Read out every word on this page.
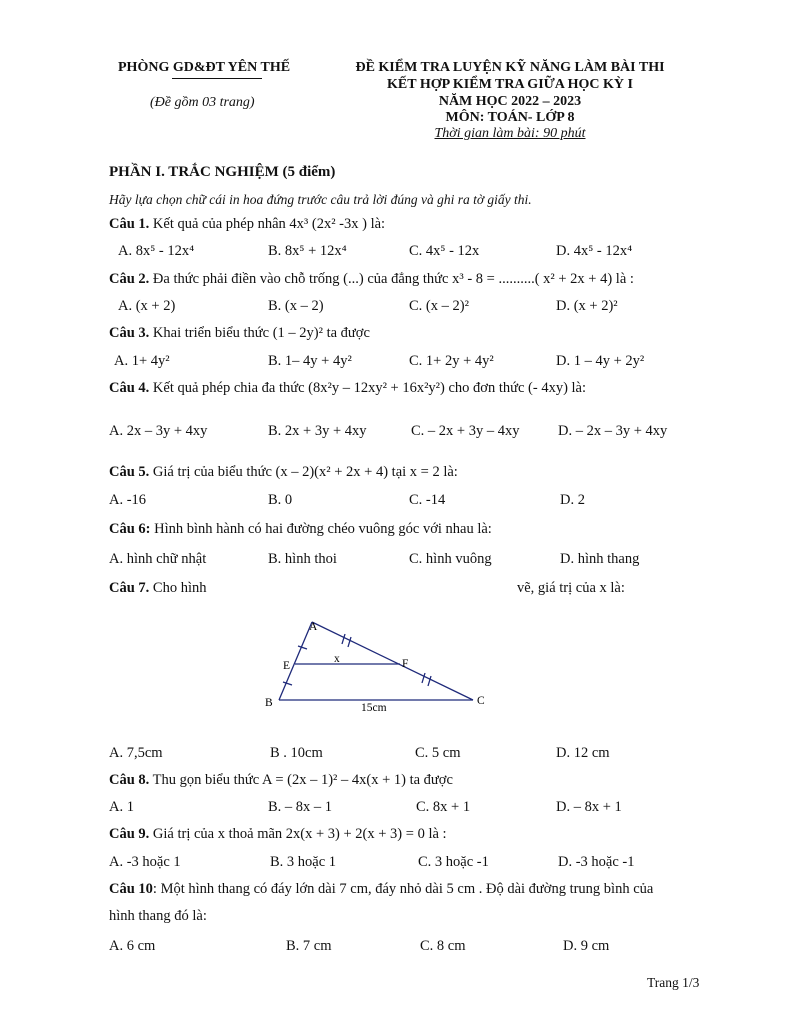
PHÒNG GD&ĐT YÊN THẾ
(Đề gồm 03 trang)
ĐỀ KIỂM TRA LUYỆN KỸ NĂNG LÀM BÀI THI
KẾT HỢP KIỂM TRA GIỮA HỌC KỲ I
NĂM HỌC 2022 – 2023
MÔN: TOÁN- LỚP 8
Thời gian làm bài: 90 phút
PHẦN I. TRẮC NGHIỆM (5 điểm)
Hãy lựa chọn chữ cái in hoa đứng trước câu trả lời đúng và ghi ra tờ giấy thi.
Câu 1. Kết quả của phép nhân 4x³ (2x² -3x ) là:
A. 8x⁵ - 12x⁴	B. 8x⁵ + 12x⁴	C. 4x⁵ - 12x	D. 4x⁵ - 12x⁴
Câu 2. Đa thức phải điền vào chỗ trống (...) của đẳng thức x³ - 8 = ..........( x² + 2x + 4) là :
A. (x + 2)	B. (x – 2)	C. (x – 2)²	D. (x + 2)²
Câu 3. Khai triển biểu thức (1 – 2y)² ta được
A. 1+ 4y²	B. 1– 4y + 4y²	C. 1+ 2y + 4y²	D. 1 – 4y + 2y²
Câu 4. Kết quả phép chia đa thức (8x²y – 12xy² + 16x²y²) cho đơn thức (- 4xy) là:
A. 2x – 3y + 4xy	B. 2x + 3y + 4xy	C. – 2x + 3y – 4xy	D. – 2x – 3y + 4xy
Câu 5. Giá trị của biểu thức (x – 2)(x² + 2x + 4) tại x = 2 là:
A. -16	B. 0	C. -14	D. 2
Câu 6: Hình bình hành có hai đường chéo vuông góc với nhau là:
A. hình chữ nhật	B. hình thoi	C. hình vuông	D. hình thang
Câu 7. Cho hình	vẽ, giá trị của x là:
A
E	F
x
B	C
15cm
A. 7,5cm	B . 10cm	C. 5 cm	D. 12 cm
Câu 8. Thu gọn biểu thức A = (2x – 1)² – 4x(x + 1) ta được
A. 1	B. – 8x – 1	C. 8x + 1	D. – 8x + 1
Câu 9. Giá trị của x thoả mãn 2x(x + 3) + 2(x + 3) = 0 là :
A. -3 hoặc 1	B. 3 hoặc 1	C. 3 hoặc -1	D. -3 hoặc -1
Câu 10: Một hình thang có đáy lớn dài 7 cm, đáy nhỏ dài 5 cm . Độ dài đường trung bình của
hình thang đó là:
A. 6 cm	B. 7 cm	C. 8 cm	D. 9 cm
Trang 1/3
